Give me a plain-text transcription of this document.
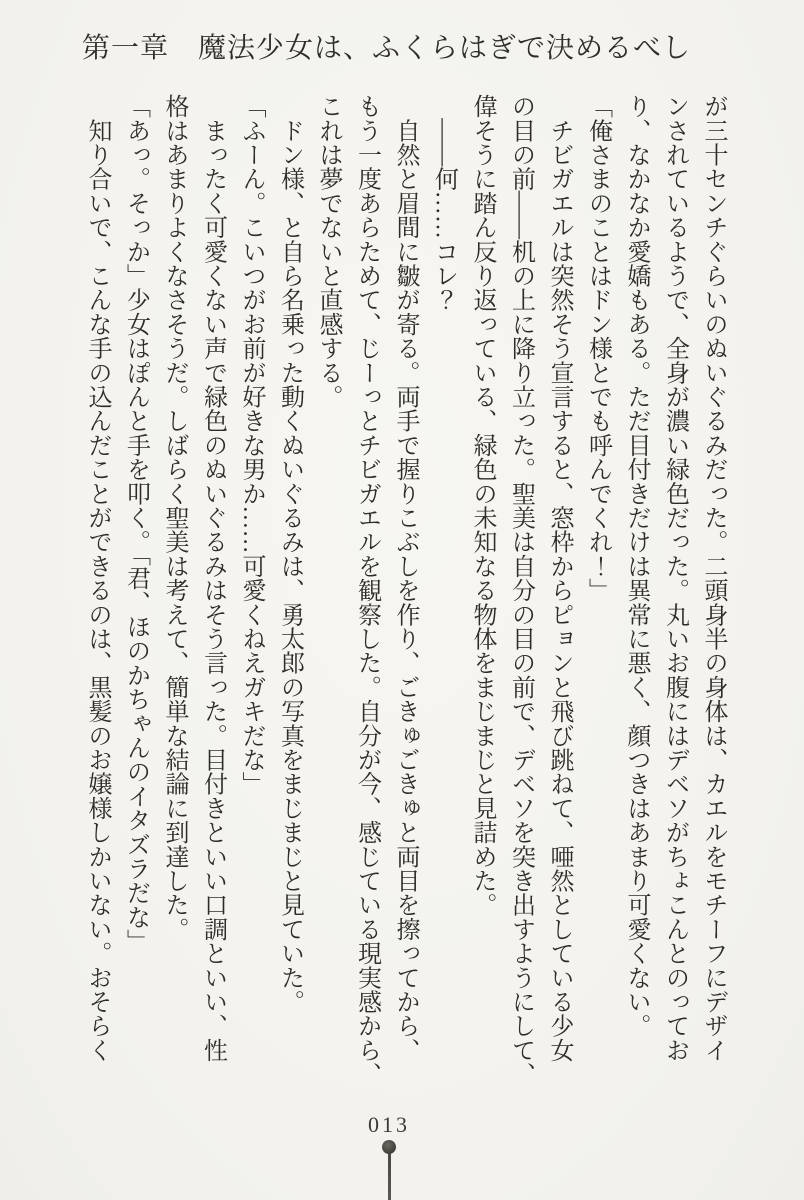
第一章　魔法少女は、ふくらはぎで決めるべし
が三十センチぐらいのぬいぐるみだった。二頭身半の身体は、カエルをモチーフにデザイ
ンされているようで、全身が濃い緑色だった。丸いお腹にはデベソがちょこんとのってお
り、なかなか愛嬌もある。ただ目付きだけは異常に悪く、顔つきはあまり可愛くない。
「俺さまのことはドン様とでも呼んでくれ！」
　チビガエルは突然そう宣言すると、窓枠からピョンと飛び跳ねて、唖然としている少女
の目の前――机の上に降り立った。聖美は自分の目の前で、デベソを突き出すようにして、
偉そうに踏ん反り返っている、緑色の未知なる物体をまじまじと見詰めた。
　――何……コレ？
　自然と眉間に皺が寄る。両手で握りこぶしを作り、ごきゅごきゅと両目を擦ってから、
もう一度あらためて、じーっとチビガエルを観察した。自分が今、感じている現実感から、
これは夢でないと直感する。
　ドン様、と自ら名乗った動くぬいぐるみは、勇太郎の写真をまじまじと見ていた。
「ふーん。こいつがお前が好きな男か……可愛くねえガキだな」
　まったく可愛くない声で緑色のぬいぐるみはそう言った。目付きといい口調といい、性
格はあまりよくなさそうだ。しばらく聖美は考えて、簡単な結論に到達した。
「あっ。そっか」少女はぽんと手を叩く。「君、ほのかちゃんのイタズラだな」
　知り合いで、こんな手の込んだことができるのは、黒髪のお嬢様しかいない。おそらく
013
